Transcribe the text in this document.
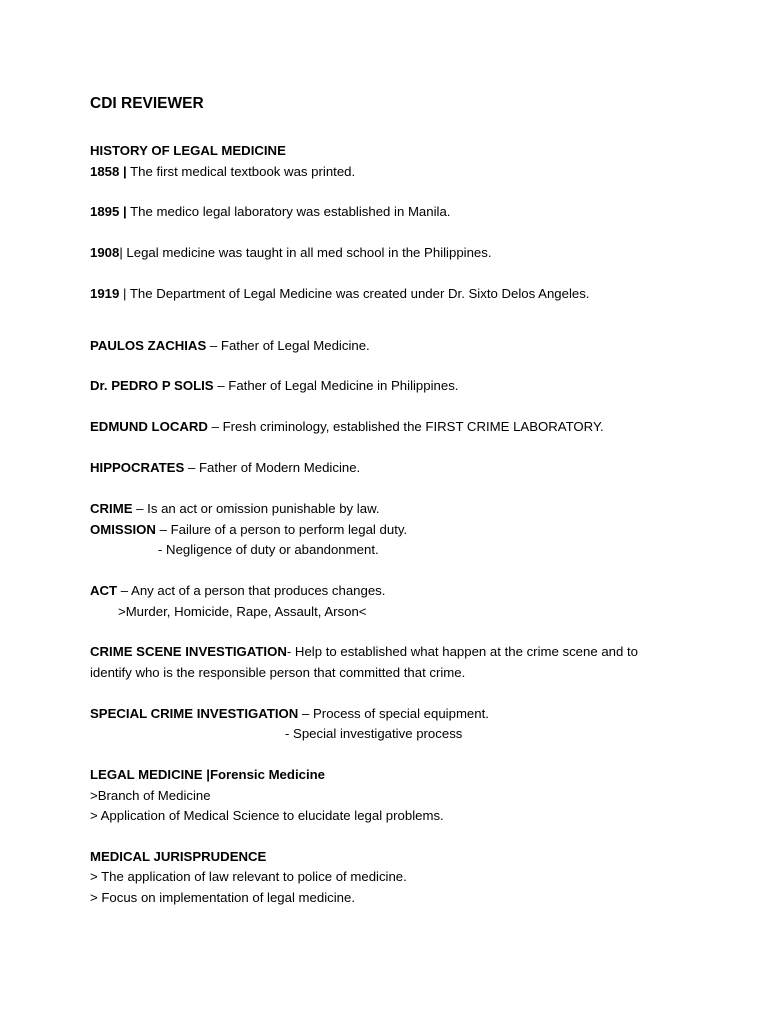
CDI REVIEWER
HISTORY OF LEGAL MEDICINE
1858 | The first medical textbook was printed.
1895 | The medico legal laboratory was established in Manila.
1908| Legal medicine was taught in all med school in the Philippines.
1919 | The Department of Legal Medicine was created under Dr. Sixto Delos Angeles.
PAULOS ZACHIAS – Father of Legal Medicine.
Dr. PEDRO P SOLIS – Father of Legal Medicine in Philippines.
EDMUND LOCARD – Fresh criminology, established the FIRST CRIME LABORATORY.
HIPPOCRATES – Father of Modern Medicine.
CRIME – Is an act or omission punishable by law.
OMISSION – Failure of a person to perform legal duty.
- Negligence of duty or abandonment.
ACT – Any act of a person that produces changes.
>Murder, Homicide, Rape, Assault, Arson<
CRIME SCENE INVESTIGATION- Help to established what happen at the crime scene and to
identify who is the responsible person that committed that crime.
SPECIAL CRIME INVESTIGATION – Process of special equipment.
- Special investigative process
LEGAL MEDICINE |Forensic Medicine
>Branch of Medicine
> Application of Medical Science to elucidate legal problems.
MEDICAL JURISPRUDENCE
> The application of law relevant to police of medicine.
> Focus on implementation of legal medicine.
